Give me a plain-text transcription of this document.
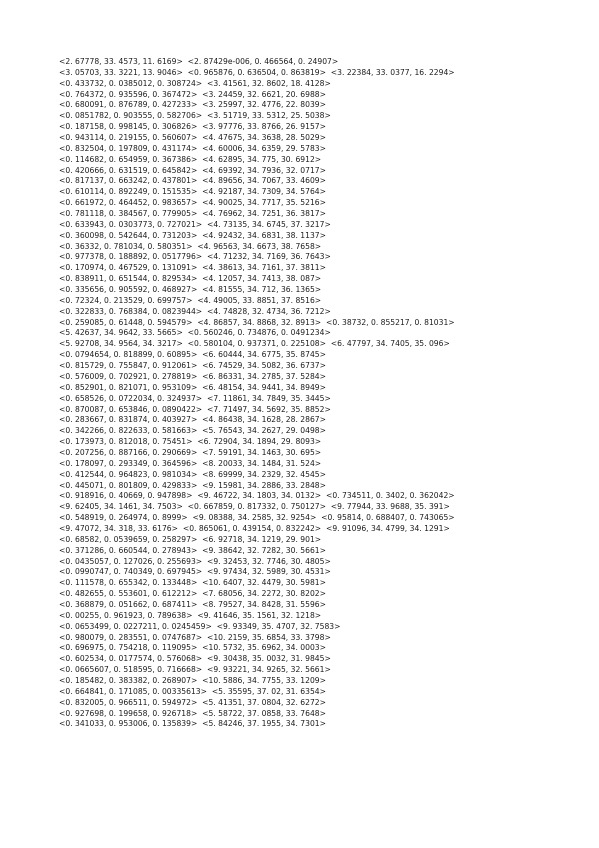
<2. 67778, 33. 4573, 11. 6169>  <2. 87429e-006, 0. 466564, 0. 24907>
<3. 05703, 33. 3221, 13. 9046>  <0. 965876, 0. 636504, 0. 863819>  <3. 22384, 33. 0377, 16. 2294>
<0. 433732, 0. 0385012, 0. 308724>  <3. 41561, 32. 8602, 18. 4128>
<0. 764372, 0. 935596, 0. 367472>  <3. 24459, 32. 6621, 20. 6988>
<0. 680091, 0. 876789, 0. 427233>  <3. 25997, 32. 4776, 22. 8039>
<0. 0851782, 0. 903555, 0. 582706>  <3. 51719, 33. 5312, 25. 5038>
<0. 187158, 0. 998145, 0. 306826>  <3. 97776, 33. 8766, 26. 9157>
<0. 943114, 0. 219155, 0. 560607>  <4. 47675, 34. 3638, 28. 5029>
<0. 832504, 0. 197809, 0. 431174>  <4. 60006, 34. 6359, 29. 5783>
<0. 114682, 0. 654959, 0. 367386>  <4. 62895, 34. 775, 30. 6912>
<0. 420666, 0. 631519, 0. 645842>  <4. 69392, 34. 7936, 32. 0717>
<0. 817137, 0. 663242, 0. 437801>  <4. 89656, 34. 7067, 33. 4609>
<0. 610114, 0. 892249, 0. 151535>  <4. 92187, 34. 7309, 34. 5764>
<0. 661972, 0. 464452, 0. 983657>  <4. 90025, 34. 7717, 35. 5216>
<0. 781118, 0. 384567, 0. 779905>  <4. 76962, 34. 7251, 36. 3817>
<0. 633943, 0. 0303773, 0. 727021>  <4. 73135, 34. 6745, 37. 3217>
<0. 360098, 0. 542644, 0. 731203>  <4. 92432, 34. 6831, 38. 1137>
<0. 36332, 0. 781034, 0. 580351>  <4. 96563, 34. 6673, 38. 7658>
<0. 977378, 0. 188892, 0. 0517796>  <4. 71232, 34. 7169, 36. 7643>
<0. 170974, 0. 467529, 0. 131091>  <4. 38613, 34. 7161, 37. 3811>
<0. 838911, 0. 651544, 0. 829534>  <4. 12057, 34. 7413, 38. 087>
<0. 335656, 0. 905592, 0. 468927>  <4. 81555, 34. 712, 36. 1365>
<0. 72324, 0. 213529, 0. 699757>  <4. 49005, 33. 8851, 37. 8516>
<0. 322833, 0. 768384, 0. 0823944>  <4. 74828, 32. 4734, 36. 7212>
<0. 259085, 0. 61448, 0. 594579>  <4. 86857, 34. 8868, 32. 8913>  <0. 38732, 0. 855217, 0. 81031>
<5. 42637, 34. 9642, 33. 5665>  <0. 560246, 0. 734876, 0. 0491234>
<5. 92708, 34. 9564, 34. 3217>  <0. 580104, 0. 937371, 0. 225108>  <6. 47797, 34. 7405, 35. 096>
<0. 0794654, 0. 818899, 0. 60895>  <6. 60444, 34. 6775, 35. 8745>
<0. 815729, 0. 755847, 0. 912061>  <6. 74529, 34. 5082, 36. 6737>
<0. 576009, 0. 702921, 0. 278819>  <6. 86331, 34. 2785, 37. 5284>
<0. 852901, 0. 821071, 0. 953109>  <6. 48154, 34. 9441, 34. 8949>
<0. 658526, 0. 0722034, 0. 324937>  <7. 11861, 34. 7849, 35. 3445>
<0. 870087, 0. 653846, 0. 0890422>  <7. 71497, 34. 5692, 35. 8852>
<0. 283667, 0. 831874, 0. 403927>  <4. 86438, 34. 1628, 28. 2867>
<0. 342266, 0. 822633, 0. 581663>  <5. 76543, 34. 2627, 29. 0498>
<0. 173973, 0. 812018, 0. 75451>  <6. 72904, 34. 1894, 29. 8093>
<0. 207256, 0. 887166, 0. 290669>  <7. 59191, 34. 1463, 30. 695>
<0. 178097, 0. 293349, 0. 364596>  <8. 20033, 34. 1484, 31. 524>
<0. 412544, 0. 964823, 0. 981034>  <8. 69999, 34. 2329, 32. 4545>
<0. 445071, 0. 801809, 0. 429833>  <9. 15981, 34. 2886, 33. 2848>
<0. 918916, 0. 40669, 0. 947898>  <9. 46722, 34. 1803, 34. 0132>  <0. 734511, 0. 3402, 0. 362042>
<9. 62405, 34. 1461, 34. 7503>  <0. 667859, 0. 817332, 0. 750127>  <9. 77944, 33. 9688, 35. 391>
<0. 548919, 0. 264974, 0. 8999>  <9. 08388, 34. 2585, 32. 9254>  <0. 95814, 0. 688407, 0. 743065>
<9. 47072, 34. 318, 33. 6176>  <0. 865061, 0. 439154, 0. 832242>  <9. 91096, 34. 4799, 34. 1291>
<0. 68582, 0. 0539659, 0. 258297>  <6. 92718, 34. 1219, 29. 901>
<0. 371286, 0. 660544, 0. 278943>  <9. 38642, 32. 7282, 30. 5661>
<0. 0435057, 0. 127026, 0. 255693>  <9. 32453, 32. 7746, 30. 4805>
<0. 0990747, 0. 740349, 0. 697945>  <9. 97434, 32. 5989, 30. 4531>
<0. 111578, 0. 655342, 0. 133448>  <10. 6407, 32. 4479, 30. 5981>
<0. 482655, 0. 553601, 0. 612212>  <7. 68056, 34. 2272, 30. 8202>
<0. 368879, 0. 051662, 0. 687411>  <8. 79527, 34. 8428, 31. 5596>
<0. 00255, 0. 961923, 0. 789638>  <9. 41646, 35. 1561, 32. 1218>
<0. 0653499, 0. 0227211, 0. 0245459>  <9. 93349, 35. 4707, 32. 7583>
<0. 980079, 0. 283551, 0. 0747687>  <10. 2159, 35. 6854, 33. 3798>
<0. 696975, 0. 754218, 0. 119095>  <10. 5732, 35. 6962, 34. 0003>
<0. 602534, 0. 0177574, 0. 576068>  <9. 30438, 35. 0032, 31. 9845>
<0. 0665607, 0. 518595, 0. 716668>  <9. 93221, 34. 9265, 32. 5661>
<0. 185482, 0. 383382, 0. 268907>  <10. 5886, 34. 7755, 33. 1209>
<0. 664841, 0. 171085, 0. 00335613>  <5. 35595, 37. 02, 31. 6354>
<0. 832005, 0. 966511, 0. 594972>  <5. 41351, 37. 0804, 32. 6272>
<0. 927698, 0. 199658, 0. 926718>  <5. 58722, 37. 0858, 33. 7648>
<0. 341033, 0. 953006, 0. 135839>  <5. 84246, 37. 1955, 34. 7301>
